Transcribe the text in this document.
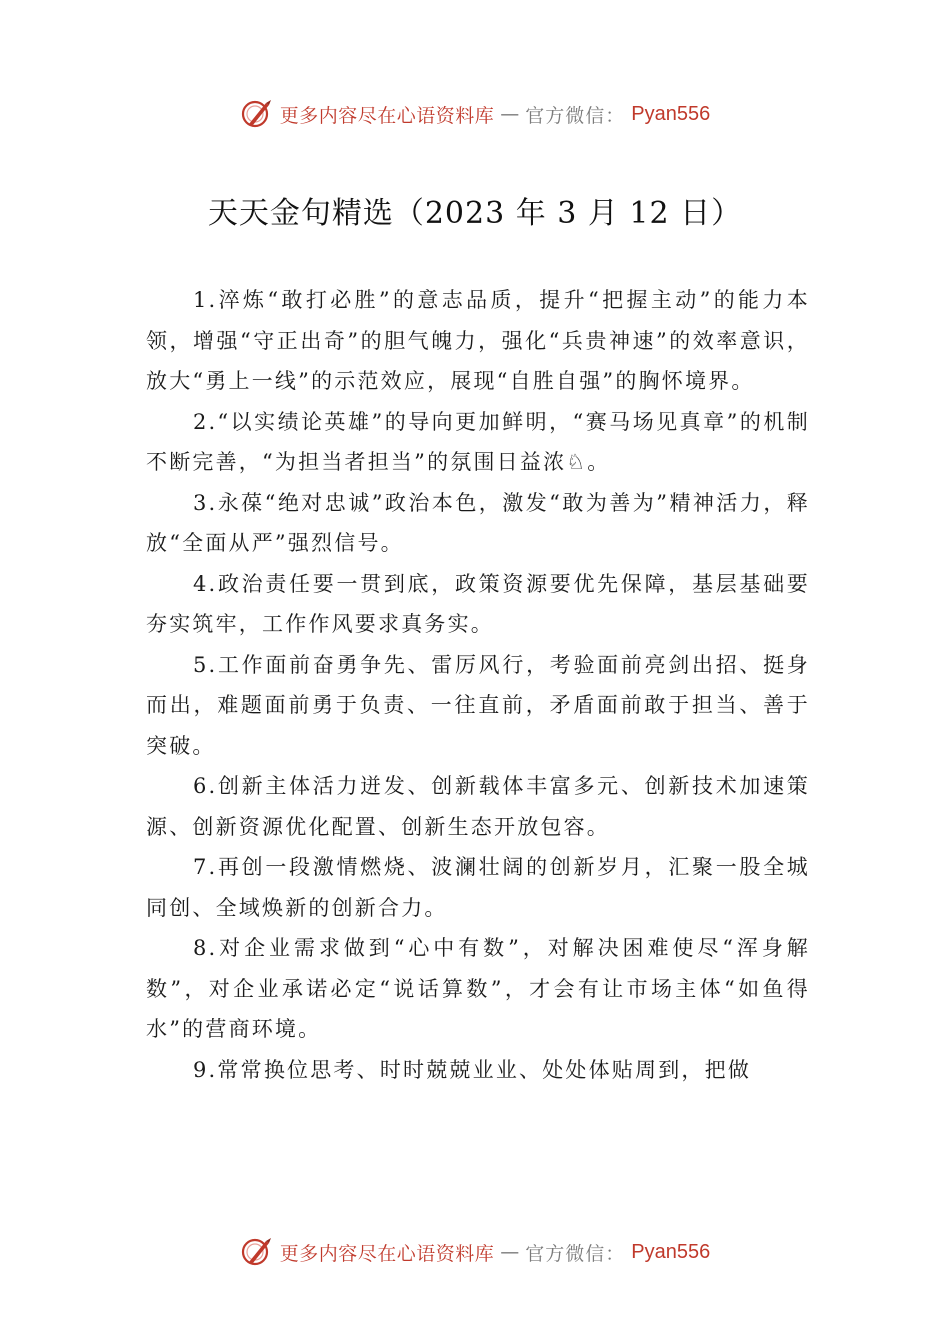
更多内容尽在心语资料库 — 官方微信： Pyan556
天天金句精选（2023 年 3 月 12 日）

1.淬炼“敢打必胜”的意志品质，提升“把握主动”的能力本领，增强“守正出奇”的胆气魄力，强化“兵贵神速”的效率意识，放大“勇上一线”的示范效应，展现“自胜自强”的胸怀境界。

2.“以实绩论英雄”的导向更加鲜明，“赛马场见真章”的机制不断完善，“为担当者担当”的氛围日益浓♘。

3.永葆“绝对忠诚”政治本色，激发“敢为善为”精神活力，释放“全面从严”强烈信号。

4.政治责任要一贯到底，政策资源要优先保障，基层基础要夯实筑牢，工作作风要求真务实。

5.工作面前奋勇争先、雷厉风行，考验面前亮剑出招、挺身而出，难题面前勇于负责、一往直前，矛盾面前敢于担当、善于突破。

6.创新主体活力迸发、创新载体丰富多元、创新技术加速策源、创新资源优化配置、创新生态开放包容。

7.再创一段激情燃烧、波澜壮阔的创新岁月，汇聚一股全城同创、全域焕新的创新合力。

8.对企业需求做到“心中有数”，对解决困难使尽“浑身解数”，对企业承诺必定“说话算数”，才会有让市场主体“如鱼得水”的营商环境。

9.常常换位思考、时时兢兢业业、处处体贴周到，把做

更多内容尽在心语资料库 — 官方微信： Pyan556
